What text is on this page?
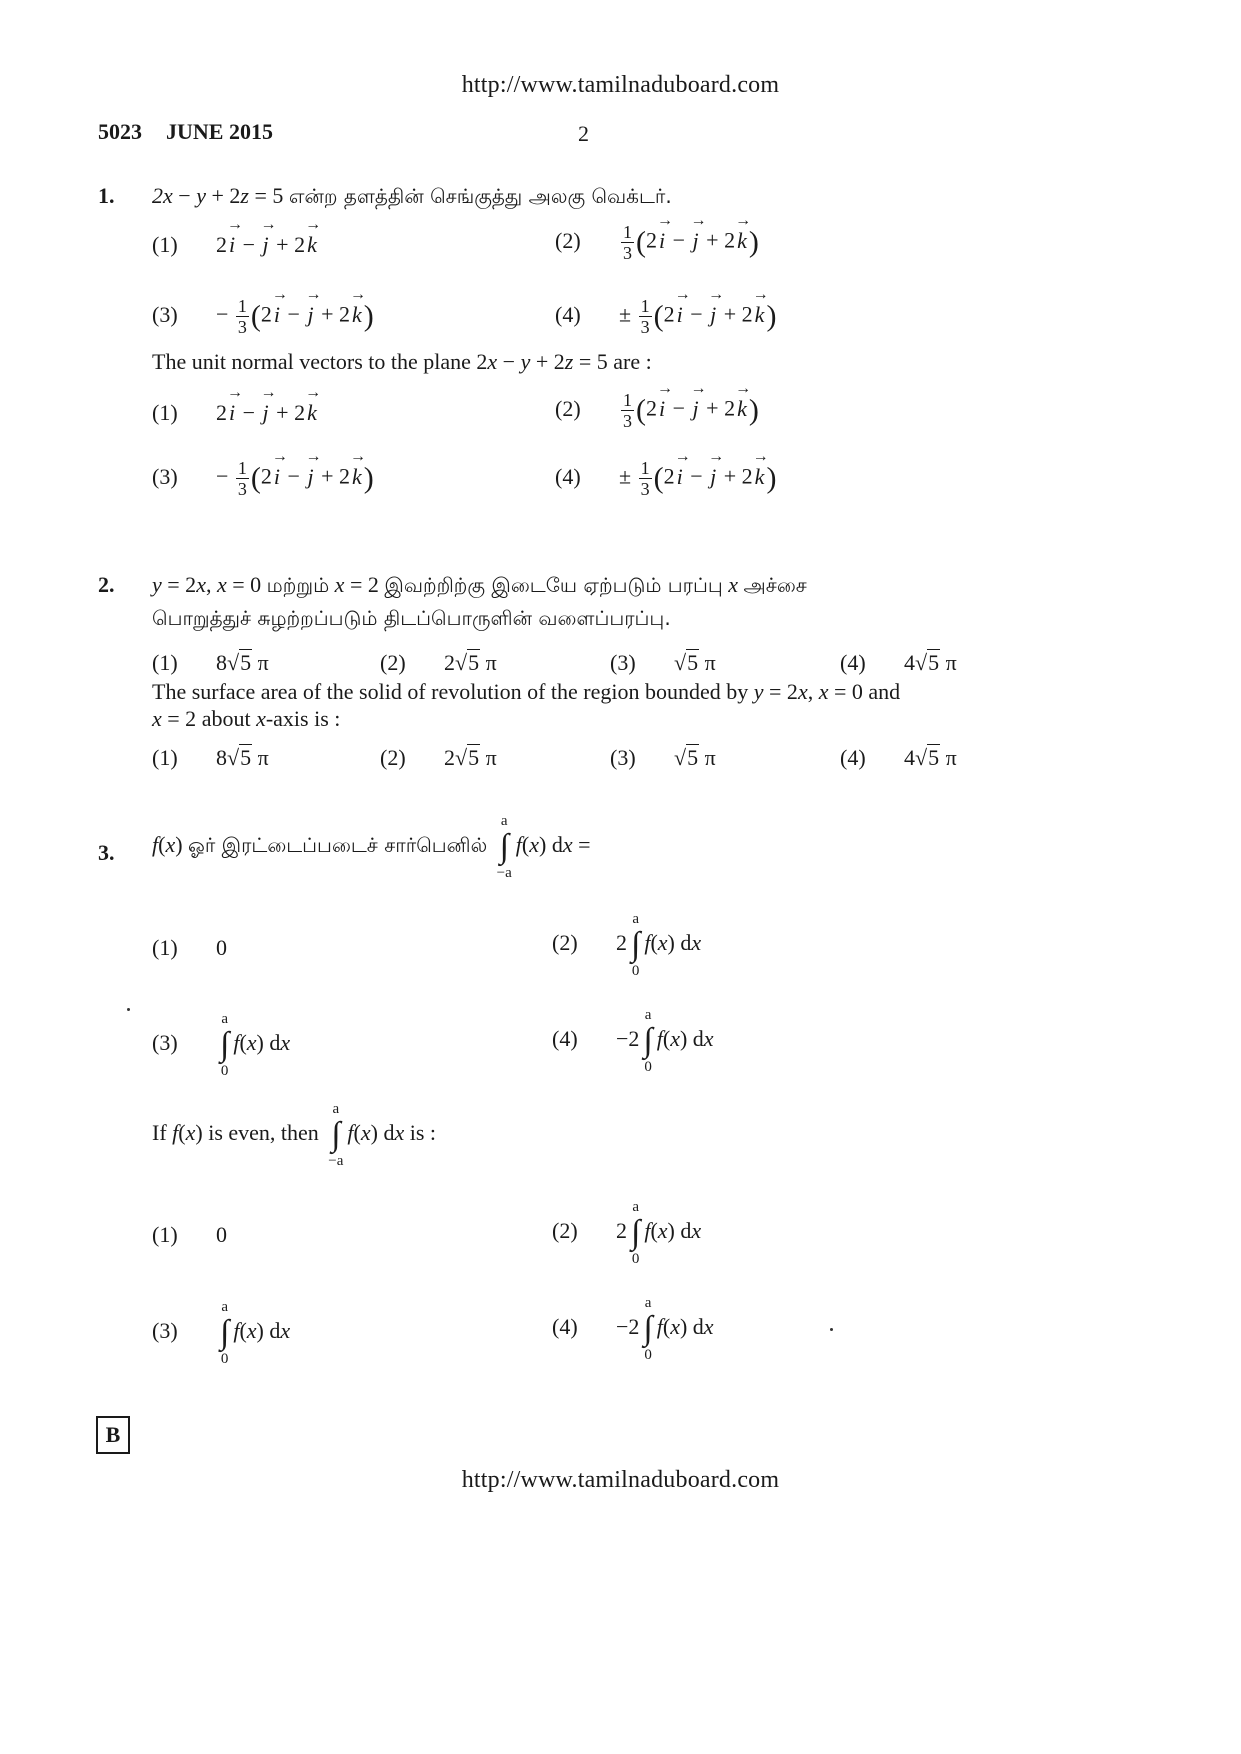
http://www.tamilnaduboard.com
5023 JUNE 2015	2
1. 2x − y + 2z = 5 என்ற தளத்தின் செங்குத்து அலகு வெக்டர்.
(1) 2→ i − → j + 2→ k	$(2) \frac{1}{3} (2\to i$ − → j + 2→ k)
$(3) - \frac{1}{3} (2\to i$ − → j + 2→ k)	$(4) \pm \frac{1}{3} (2\to i$ − → j + 2→ k)
The unit normal vectors to the plane 2x − y + 2z = 5 are :
(1) 2→ i − → j + 2→ k	$(2) \frac{1}{3} (2\to i$ − → j + 2→ k)
$(3) - \frac{1}{3} (2\to i$ − → j + 2→ k)	$(4) \pm \frac{1}{3} (2\to i$ − → j + 2→ k)
2. y = 2x, x = 0 மற்றும் x = 2 இவற்றிற்கு இடையே ஏற்படும் பரப்பு x அச்சை
பொறுத்துச் சுழற்றப்படும் திடப்பொருளின் வளைப்பரப்பு.
(1) 8√5 π	(2) 2√5 π	(3) √5 π	(4) 4√5 π
The surface area of the solid of revolution of the region bounded by y = 2x, x = 0 and
x = 2 about x-axis is :
(1) 8√5 π	(2) 2√5 π	(3) √5 π	(4) 4√5 π
3. f(x) ஓர் இரட்டைப்படைச் சார்பெனில்
a
∫
−a
f(x) dx =
(1) 0	(2) 2
a
∫
0
f(x) dx
(3)
a
∫
0
f(x) dx	(4) −2
a
∫
0
f(x) dx
If f(x) is even, then
a
∫
−a
f(x) dx is :
(1) 0	(2) 2
a
∫
0
f(x) dx
(3)
a
∫
0
f(x) dx	(4) −2
a
∫
0
f(x) dx
B
http://www.tamilnaduboard.com
